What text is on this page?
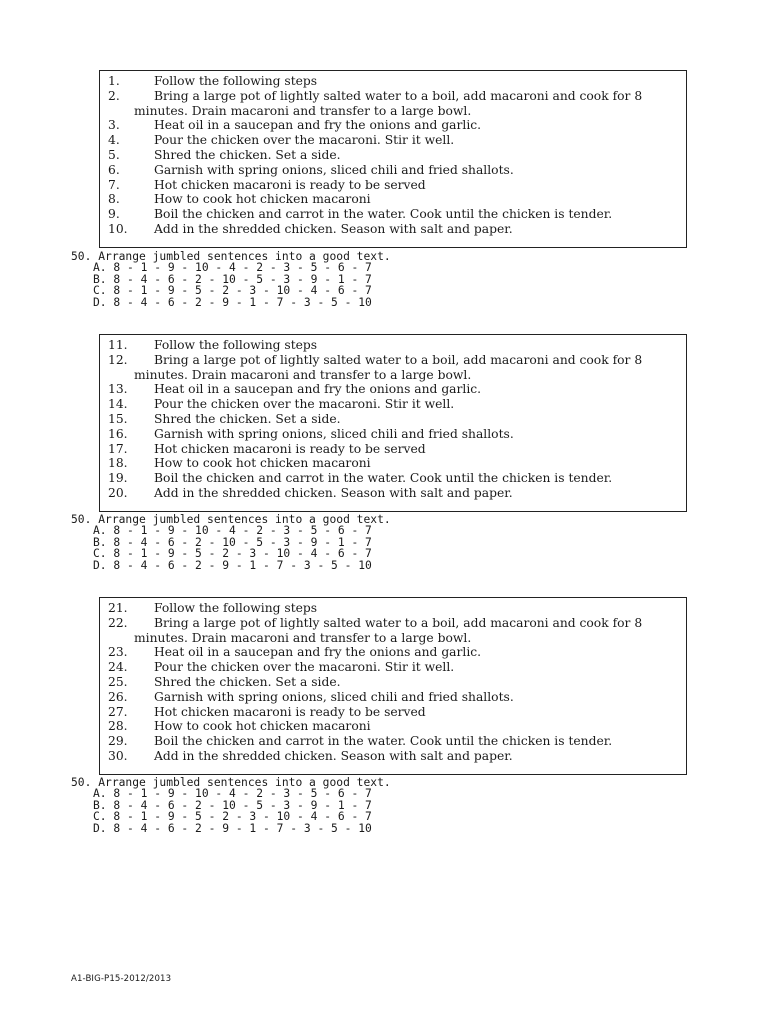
1.	Follow the following steps
2.	Bring a large pot of lightly salted water to a boil, add macaroni and cook for 8
minutes. Drain macaroni and transfer to a large bowl.
3.	Heat oil in a saucepan and fry the onions and garlic.
4.	Pour the chicken over the macaroni. Stir it well.
5.	Shred the chicken. Set a side.
6.	Garnish with spring onions, sliced chili and fried shallots.
7.	Hot chicken macaroni is ready to be served
8.	How to cook hot chicken macaroni
9.	Boil the chicken and carrot in the water. Cook until the chicken is tender.
10. Add in the shredded chicken. Season with salt and paper.
50. Arrange jumbled sentences into a good text.
A. 8 - 1 - 9 - 10 - 4 - 2 - 3 - 5 - 6 - 7
B. 8 - 4 - 6 - 2 - 10 - 5 - 3 - 9 - 1 - 7
C. 8 - 1 - 9 - 5 - 2 - 3 - 10 - 4 - 6 - 7
D. 8 - 4 - 6 - 2 - 9 - 1 - 7 - 3 - 5 - 10
11. Follow the following steps
12. Bring a large pot of lightly salted water to a boil, add macaroni and cook for 8
minutes. Drain macaroni and transfer to a large bowl.
13. Heat oil in a saucepan and fry the onions and garlic.
14. Pour the chicken over the macaroni. Stir it well.
15. Shred the chicken. Set a side.
16. Garnish with spring onions, sliced chili and fried shallots.
17. Hot chicken macaroni is ready to be served
18. How to cook hot chicken macaroni
19. Boil the chicken and carrot in the water. Cook until the chicken is tender.
20. Add in the shredded chicken. Season with salt and paper.
50. Arrange jumbled sentences into a good text.
A. 8 - 1 - 9 - 10 - 4 - 2 - 3 - 5 - 6 - 7
B. 8 - 4 - 6 - 2 - 10 - 5 - 3 - 9 - 1 - 7
C. 8 - 1 - 9 - 5 - 2 - 3 - 10 - 4 - 6 - 7
D. 8 - 4 - 6 - 2 - 9 - 1 - 7 - 3 - 5 - 10
21. Follow the following steps
22. Bring a large pot of lightly salted water to a boil, add macaroni and cook for 8
minutes. Drain macaroni and transfer to a large bowl.
23. Heat oil in a saucepan and fry the onions and garlic.
24. Pour the chicken over the macaroni. Stir it well.
25. Shred the chicken. Set a side.
26. Garnish with spring onions, sliced chili and fried shallots.
27. Hot chicken macaroni is ready to be served
28. How to cook hot chicken macaroni
29. Boil the chicken and carrot in the water. Cook until the chicken is tender.
30. Add in the shredded chicken. Season with salt and paper.
50. Arrange jumbled sentences into a good text.
A. 8 - 1 - 9 - 10 - 4 - 2 - 3 - 5 - 6 - 7
B. 8 - 4 - 6 - 2 - 10 - 5 - 3 - 9 - 1 - 7
C. 8 - 1 - 9 - 5 - 2 - 3 - 10 - 4 - 6 - 7
D. 8 - 4 - 6 - 2 - 9 - 1 - 7 - 3 - 5 - 10
A1-BIG-P15-2012/2013
